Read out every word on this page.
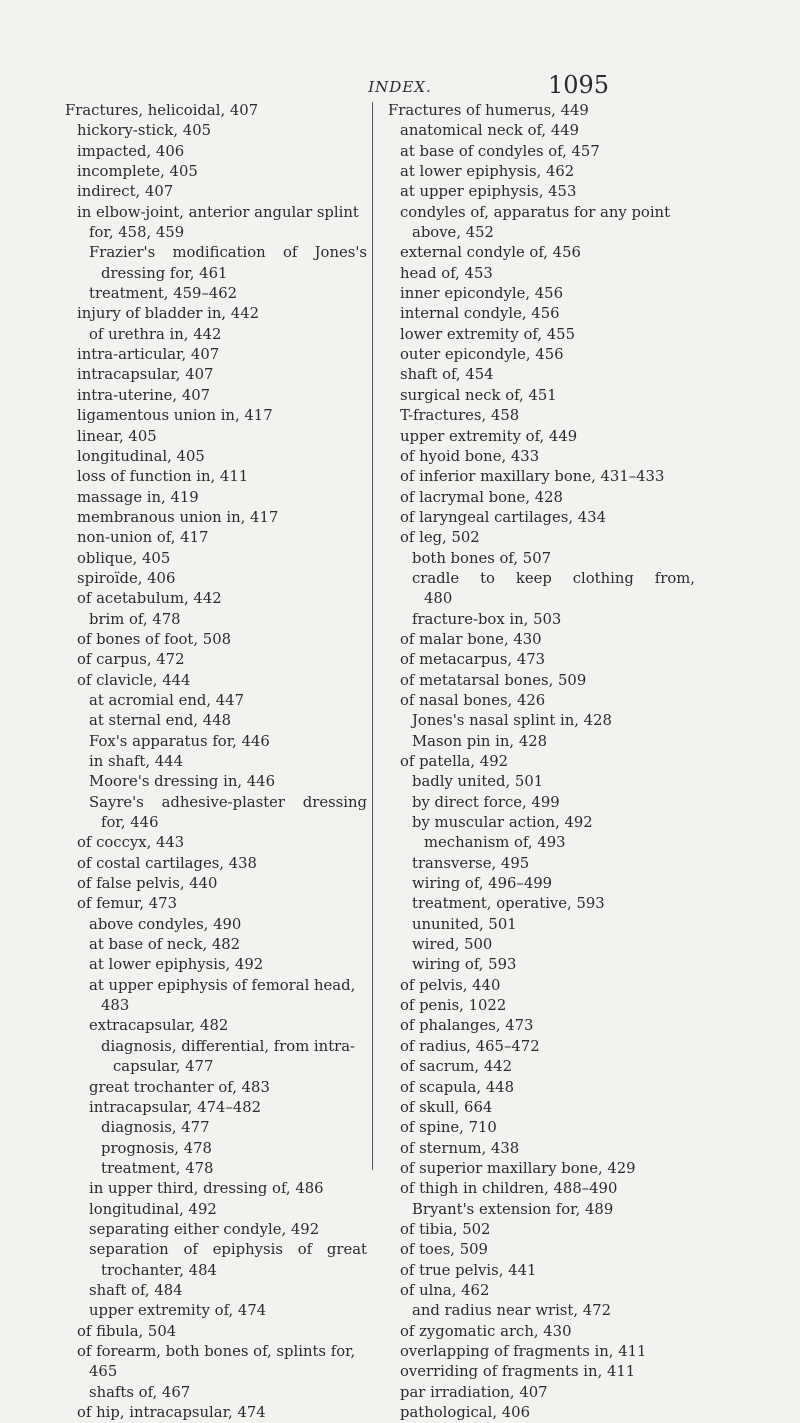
INDEX.	1095
Fractures, helicoidal, 407
hickory-stick, 405
impacted, 406
incomplete, 405
indirect, 407
in elbow-joint, anterior angular splint
for, 458, 459
Frazier's modification of Jones's
dressing for, 461
treatment, 459–462
injury of bladder in, 442
of urethra in, 442
intra-articular, 407
intracapsular, 407
intra-uterine, 407
ligamentous union in, 417
linear, 405
longitudinal, 405
loss of function in, 411
massage in, 419
membranous union in, 417
non-union of, 417
oblique, 405
spiroïde, 406
of acetabulum, 442
brim of, 478
of bones of foot, 508
of carpus, 472
of clavicle, 444
at acromial end, 447
at sternal end, 448
Fox's apparatus for, 446
in shaft, 444
Moore's dressing in, 446
Sayre's adhesive-plaster dressing
for, 446
of coccyx, 443
of costal cartilages, 438
of false pelvis, 440
of femur, 473
above condyles, 490
at base of neck, 482
at lower epiphysis, 492
at upper epiphysis of femoral head,
483
extracapsular, 482
diagnosis, differential, from intra-
capsular, 477
great trochanter of, 483
intracapsular, 474–482
diagnosis, 477
prognosis, 478
treatment, 478
in upper third, dressing of, 486
longitudinal, 492
separating either condyle, 492
separation of epiphysis of great
trochanter, 484
shaft of, 484
upper extremity of, 474
of fibula, 504
of forearm, both bones of, splints for,
465
shafts of, 467
of hip, intracapsular, 474
Fractures of humerus, 449
anatomical neck of, 449
at base of condyles of, 457
at lower epiphysis, 462
at upper epiphysis, 453
condyles of, apparatus for any point
above, 452
external condyle of, 456
head of, 453
inner epicondyle, 456
internal condyle, 456
lower extremity of, 455
outer epicondyle, 456
shaft of, 454
surgical neck of, 451
T-fractures, 458
upper extremity of, 449
of hyoid bone, 433
of inferior maxillary bone, 431–433
of lacrymal bone, 428
of laryngeal cartilages, 434
of leg, 502
both bones of, 507
cradle to keep clothing from,
480
fracture-box in, 503
of malar bone, 430
of metacarpus, 473
of metatarsal bones, 509
of nasal bones, 426
Jones's nasal splint in, 428
Mason pin in, 428
of patella, 492
badly united, 501
by direct force, 499
by muscular action, 492
mechanism of, 493
transverse, 495
wiring of, 496–499
treatment, operative, 593
ununited, 501
wired, 500
wiring of, 593
of pelvis, 440
of penis, 1022
of phalanges, 473
of radius, 465–472
of sacrum, 442
of scapula, 448
of skull, 664
of spine, 710
of sternum, 438
of superior maxillary bone, 429
of thigh in children, 488–490
Bryant's extension for, 489
of tibia, 502
of toes, 509
of true pelvis, 441
of ulna, 462
and radius near wrist, 472
of zygomatic arch, 430
overlapping of fragments in, 411
overriding of fragments in, 411
par irradiation, 407
pathological, 406
